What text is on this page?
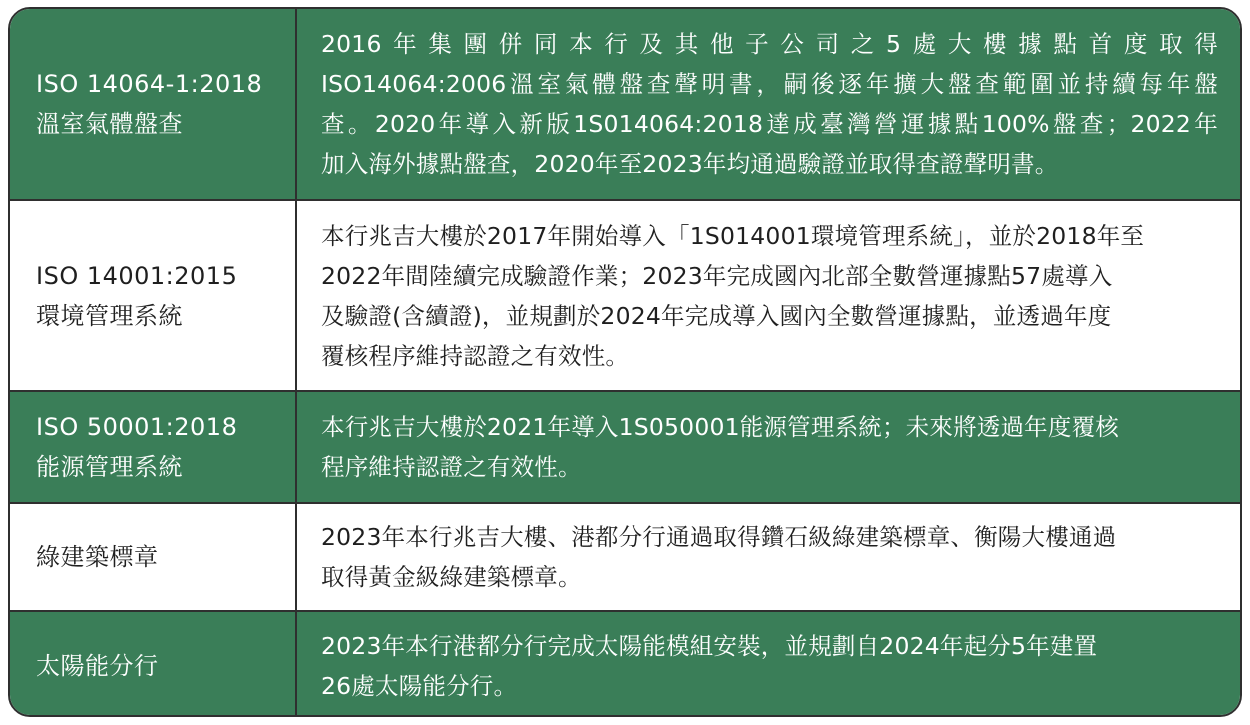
ISO 14064-1:2018
溫室氣體盤查	2016年集團併同本行及其他子公司之5處大樓據點首度取得
ISO14064:2006溫室氣體盤查聲明書，嗣後逐年擴大盤查範圍並持續每年盤
查。2020年導入新版1S014064:2018達成臺灣營運據點100%盤查；2022年
加入海外據點盤查，2020年至2023年均通過驗證並取得查證聲明書。

ISO 14001:2015
環境管理系統	本行兆吉大樓於2017年開始導入「1S014001環境管理系統」，並於2018年至
2022年間陸續完成驗證作業；2023年完成國內北部全數營運據點57處導入
及驗證(含續證)，並規劃於2024年完成導入國內全數營運據點，並透過年度
覆核程序維持認證之有效性。

ISO 50001:2018
能源管理系統	本行兆吉大樓於2021年導入1S050001能源管理系統；未來將透過年度覆核
程序維持認證之有效性。

綠建築標章	2023年本行兆吉大樓、港都分行通過取得鑽石級綠建築標章、衡陽大樓通過
取得黃金級綠建築標章。

太陽能分行	2023年本行港都分行完成太陽能模組安裝，並規劃自2024年起分5年建置
26處太陽能分行。
